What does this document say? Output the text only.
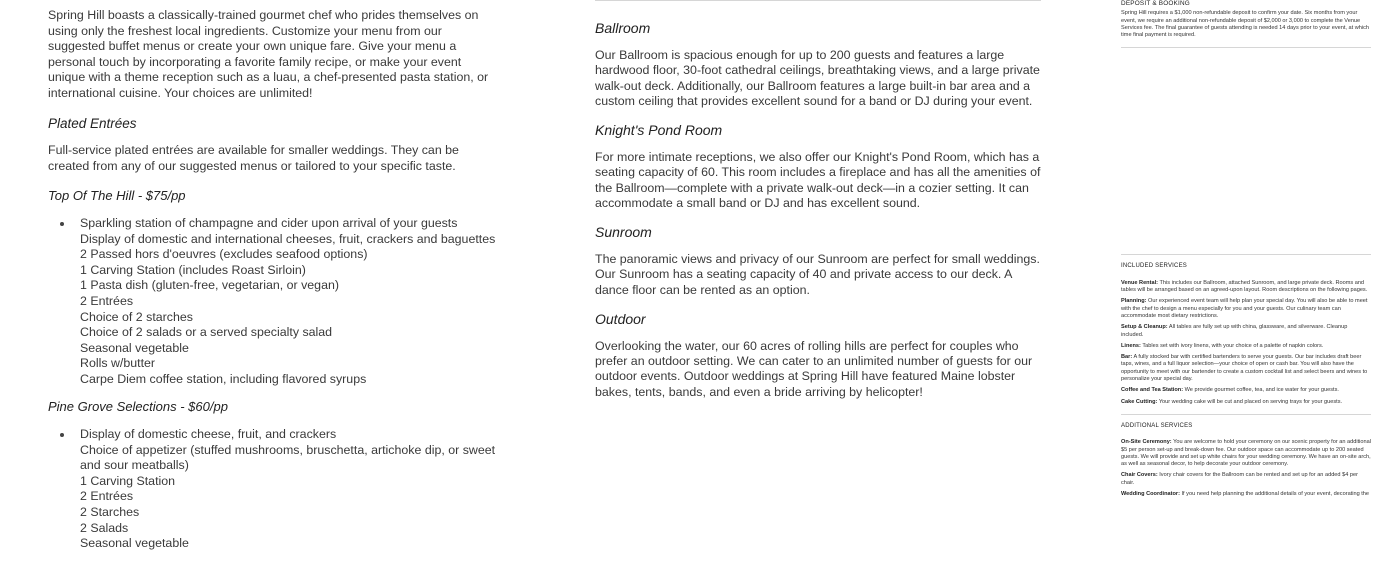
Spring Hill boasts a classically-trained gourmet chef who prides themselves on using only the freshest local ingredients. Customize your menu from our suggested buffet menus or create your own unique fare. Give your menu a personal touch by incorporating a favorite family recipe, or make your event unique with a theme reception such as a luau, a chef-presented pasta station, or international cuisine. Your choices are unlimited!

Plated Entrées

Full-service plated entrées are available for smaller weddings. They can be created from any of our suggested menus or tailored to your specific taste.

Top Of The Hill - $75/pp
Sparkling station of champagne and cider upon arrival of your guests
Display of domestic and international cheeses, fruit, crackers and baguettes
2 Passed hors d'oeuvres (excludes seafood options)
1 Carving Station (includes Roast Sirloin)
1 Pasta dish (gluten-free, vegetarian, or vegan)
2 Entrées
Choice of 2 starches
Choice of 2 salads or a served specialty salad
Seasonal vegetable
Rolls w/butter
Carpe Diem coffee station, including flavored syrups
Pine Grove Selections - $60/pp
Display of domestic cheese, fruit, and crackers
Choice of appetizer (stuffed mushrooms, bruschetta, artichoke dip, or sweet and sour meatballs)
1 Carving Station
2 Entrées
2 Starches
2 Salads
Seasonal vegetable
Ballroom

Our Ballroom is spacious enough for up to 200 guests and features a large hardwood floor, 30-foot cathedral ceilings, breathtaking views, and a large private walk-out deck. Additionally, our Ballroom features a large built-in bar area and a custom ceiling that provides excellent sound for a band or DJ during your event.

Knight's Pond Room

For more intimate receptions, we also offer our Knight's Pond Room, which has a seating capacity of 60. This room includes a fireplace and has all the amenities of the Ballroom—complete with a private walk-out deck—in a cozier setting. It can accommodate a small band or DJ and has excellent sound.

Sunroom

The panoramic views and privacy of our Sunroom are perfect for small weddings. Our Sunroom has a seating capacity of 40 and private access to our deck. A dance floor can be rented as an option.

Outdoor

Overlooking the water, our 60 acres of rolling hills are perfect for couples who prefer an outdoor setting. We can cater to an unlimited number of guests for our outdoor events. Outdoor weddings at Spring Hill have featured Maine lobster bakes, tents, bands, and even a bride arriving by helicopter!

DEPOSIT & BOOKING

Spring Hill requires a $1,000 non-refundable deposit to confirm your date. Six months from your event, we require an additional non-refundable deposit of $2,000 or 3,000 to complete the Venue Services fee. The final guarantee of guests attending is needed 14 days prior to your event, at which time final payment is required.

INCLUDED SERVICES

Venue Rental: This includes our Ballroom, attached Sunroom, and large private deck. Rooms and tables will be arranged based on an agreed-upon layout. Room descriptions on the following pages.

Planning: Our experienced event team will help plan your special day. You will also be able to meet with the chef to design a menu especially for you and your guests. Our culinary team can accommodate most dietary restrictions.

Setup & Cleanup: All tables are fully set up with china, glassware, and silverware. Cleanup included.

Linens: Tables set with ivory linens, with your choice of a palette of napkin colors.

Bar: A fully stocked bar with certified bartenders to serve your guests. Our bar includes draft beer taps, wines, and a full liquor selection—your choice of open or cash bar. You will also have the opportunity to meet with our bartender to create a custom cocktail list and select beers and wines to personalize your special day.

Coffee and Tea Station: We provide gourmet coffee, tea, and ice water for your guests.

Cake Cutting: Your wedding cake will be cut and placed on serving trays for your guests.

ADDITIONAL SERVICES

On-Site Ceremony: You are welcome to hold your ceremony on our scenic property for an additional $5 per person set-up and break-down fee. Our outdoor space can accommodate up to 200 seated guests. We will provide and set up white chairs for your wedding ceremony. We have an on-site arch, as well as seasonal decor, to help decorate your outdoor ceremony.

Chair Covers: Ivory chair covers for the Ballroom can be rented and set up for an added $4 per chair.

Wedding Coordinator: If you need help planning the additional details of your event, decorating the
